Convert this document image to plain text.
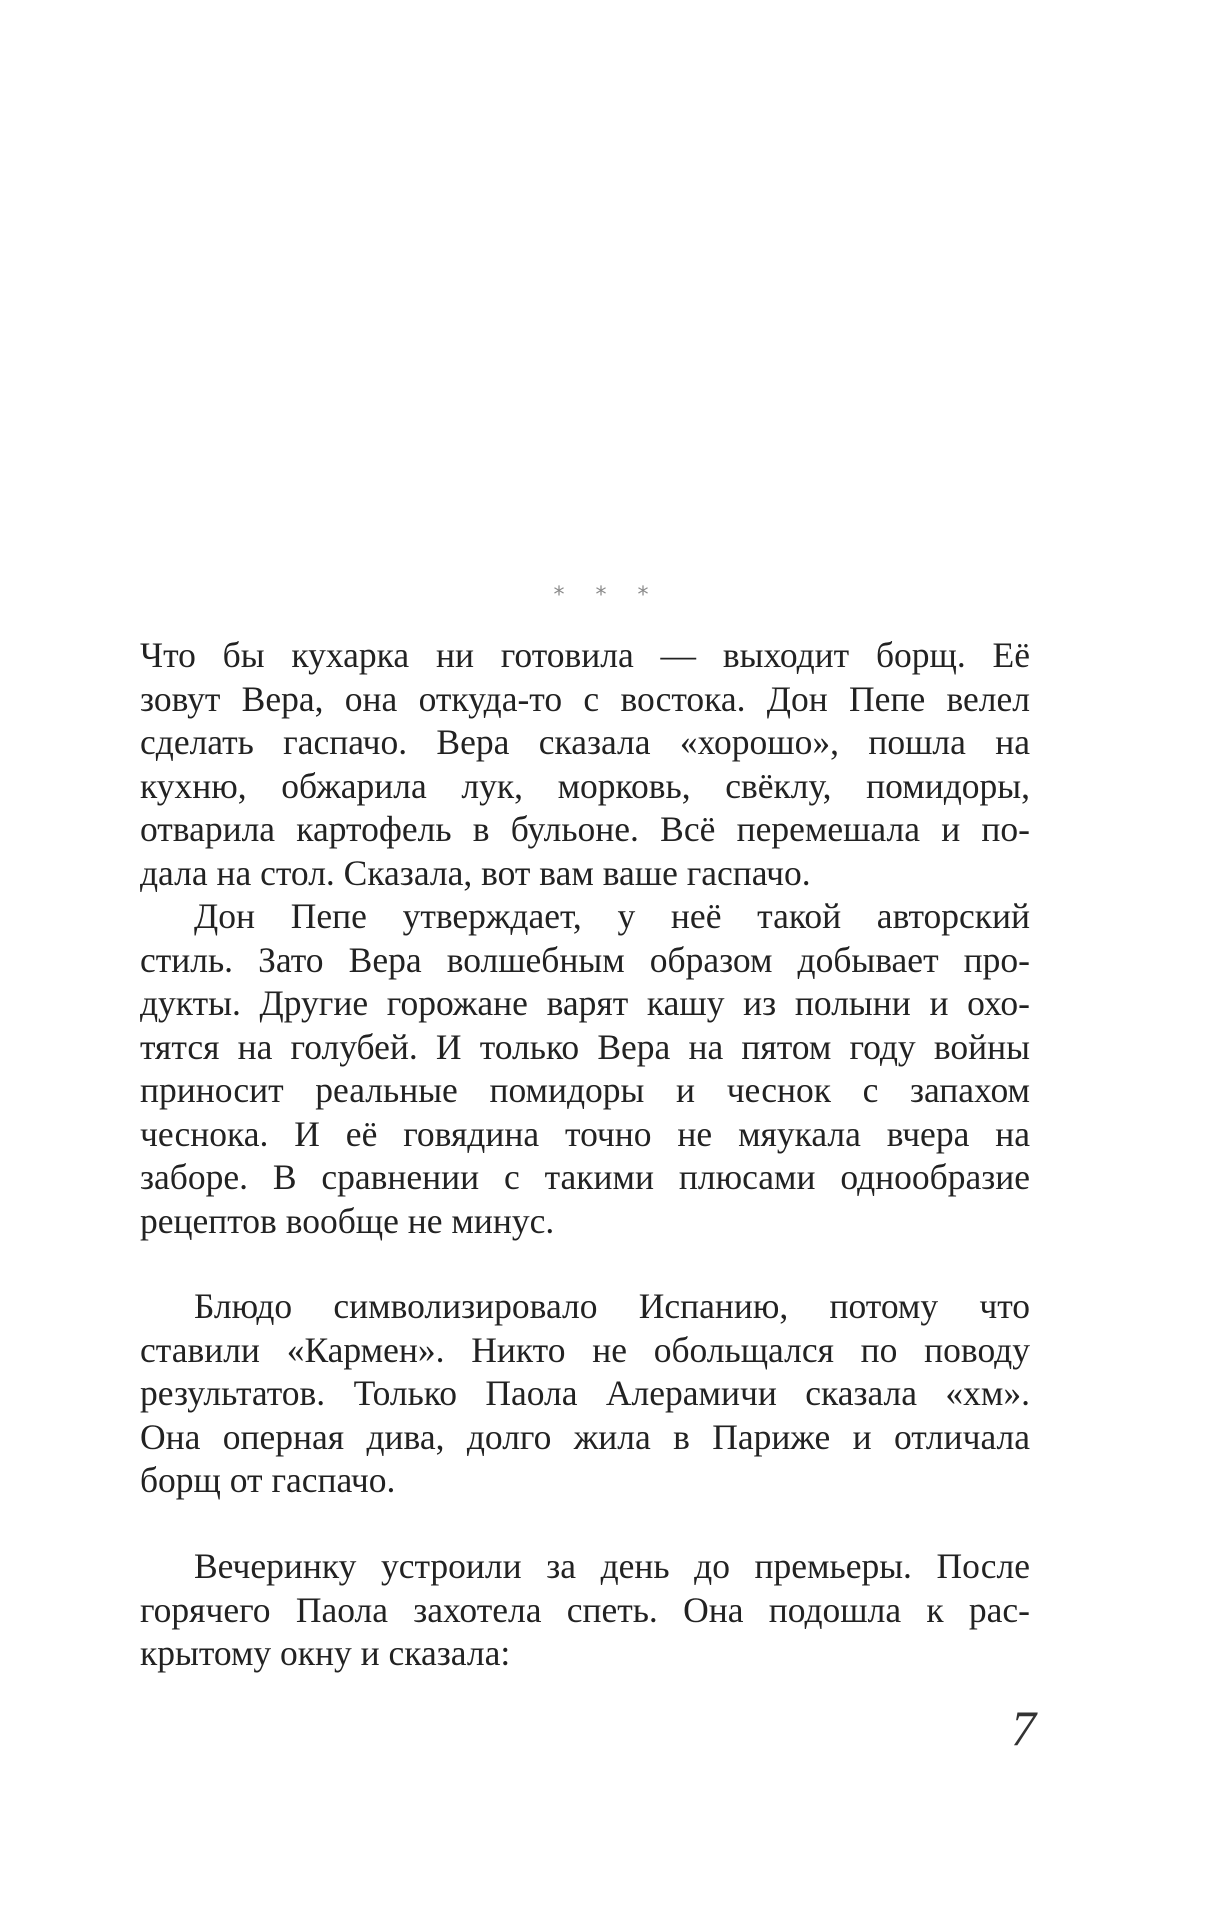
* * *
Что бы кухарка ни готовила — выходит борщ. Её
зовут Вера, она откуда-то с востока. Дон Пепе велел
сделать гаспачо. Вера сказала «хорошо», пошла на
кухню, обжарила лук, морковь, свёклу, помидоры,
отварила картофель в бульоне. Всё перемешала и по-
дала на стол. Сказала, вот вам ваше гаспачо.
Дон Пепе утверждает, у неё такой авторский
стиль. Зато Вера волшебным образом добывает про-
дукты. Другие горожане варят кашу из полыни и охо-
тятся на голубей. И только Вера на пятом году войны
приносит реальные помидоры и чеснок с запахом
чеснока. И её говядина точно не мяукала вчера на
заборе. В сравнении с такими плюсами однообразие
рецептов вообще не минус.
Блюдо символизировало Испанию, потому что
ставили «Кармен». Никто не обольщался по поводу
результатов. Только Паола Алерамичи сказала «хм».
Она оперная дива, долго жила в Париже и отличала
борщ от гаспачо.
Вечеринку устроили за день до премьеры. После
горячего Паола захотела спеть. Она подошла к рас-
крытому окну и сказала:
7
